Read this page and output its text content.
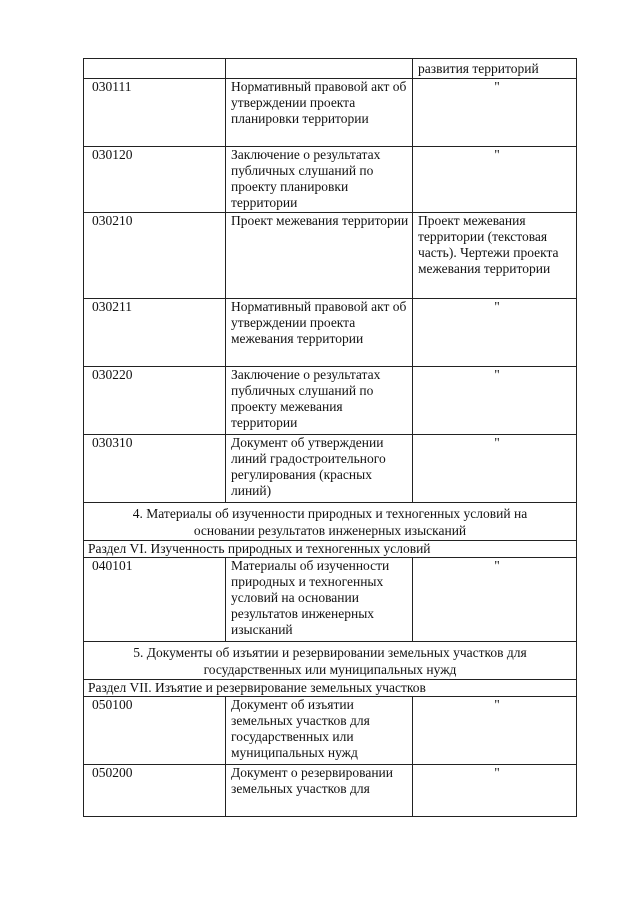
		развития территорий
030111	Нормативный правовой акт об утверждении проекта планировки территории	"
030120	Заключение о результатах публичных слушаний по проекту планировки территории	"
030210	Проект межевания территории	Проект межевания территории (текстовая часть). Чертежи проекта межевания территории
030211	Нормативный правовой акт об утверждении проекта межевания территории	"
030220	Заключение о результатах публичных слушаний по проекту межевания территории	"
030310	Документ об утверждении линий градостроительного регулирования (красных линий)	"
4. Материалы об изученности природных и техногенных условий на основании результатов инженерных изысканий		
Раздел VI. Изученность природных и техногенных условий		
040101	Материалы об изученности природных и техногенных условий на основании результатов инженерных изысканий	"
5. Документы об изъятии и резервировании земельных участков для государственных или муниципальных нужд		
Раздел VII. Изъятие и резервирование земельных участков		
050100	Документ об изъятии земельных участков для государственных или муниципальных нужд	"
050200	Документ о резервировании земельных участков для	"
